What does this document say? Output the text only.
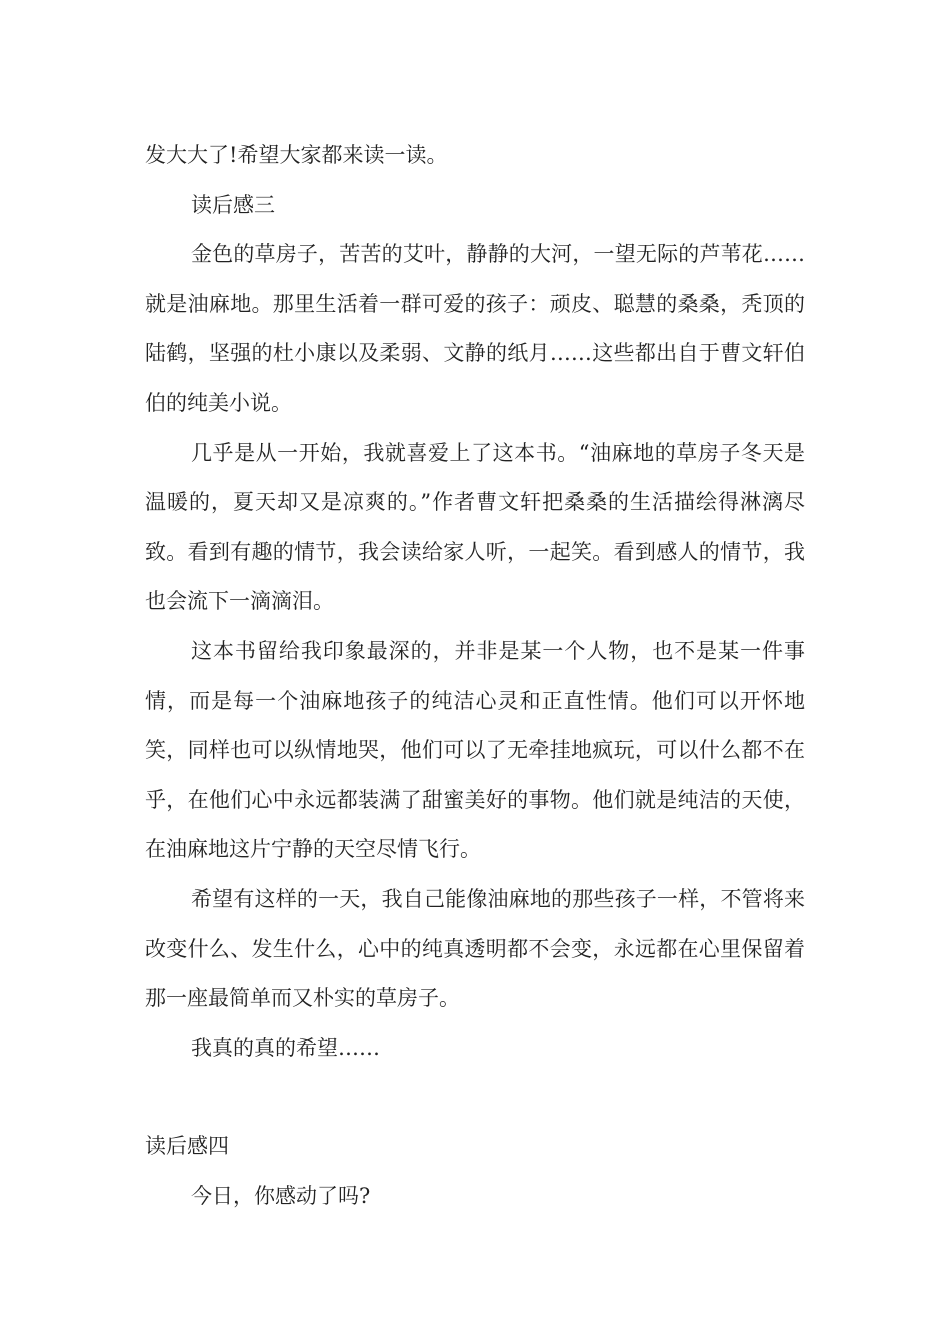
发大大了!希望大家都来读一读。

读后感三

金色的草房子，苦苦的艾叶，静静的大河，一望无际的芦苇花……就是油麻地。那里生活着一群可爱的孩子：顽皮、聪慧的桑桑，秃顶的陆鹤，坚强的杜小康以及柔弱、文静的纸月……这些都出自于曹文轩伯伯的纯美小说。

几乎是从一开始，我就喜爱上了这本书。“油麻地的草房子冬天是温暖的，夏天却又是凉爽的。”作者曹文轩把桑桑的生活描绘得淋漓尽致。看到有趣的情节，我会读给家人听，一起笑。看到感人的情节，我也会流下一滴滴泪。

这本书留给我印象最深的，并非是某一个人物，也不是某一件事情，而是每一个油麻地孩子的纯洁心灵和正直性情。他们可以开怀地笑，同样也可以纵情地哭，他们可以了无牵挂地疯玩，可以什么都不在乎，在他们心中永远都装满了甜蜜美好的事物。他们就是纯洁的天使，在油麻地这片宁静的天空尽情飞行。

希望有这样的一天，我自己能像油麻地的那些孩子一样，不管将来改变什么、发生什么，心中的纯真透明都不会变，永远都在心里保留着那一座最简单而又朴实的草房子。

我真的真的希望……

读后感四

今日，你感动了吗?
